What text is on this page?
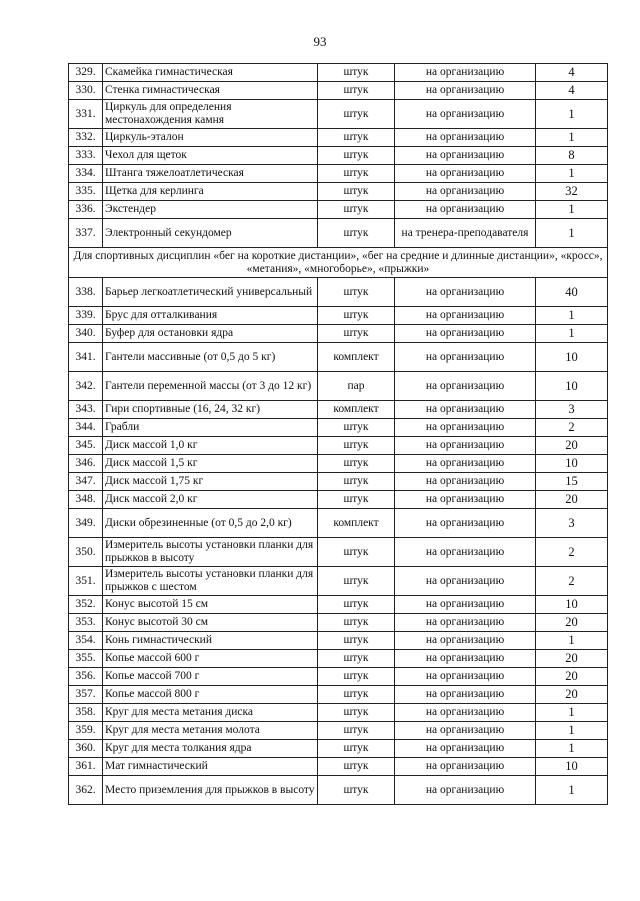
93
329.	Скамейка гимнастическая	штук	на организацию	4
330.	Стенка гимнастическая	штук	на организацию	4
331.	Циркуль для определения местонахождения камня	штук	на организацию	1
332.	Циркуль-эталон	штук	на организацию	1
333.	Чехол для щеток	штук	на организацию	8
334.	Штанга тяжелоатлетическая	штук	на организацию	1
335.	Щетка для керлинга	штук	на организацию	32
336.	Экстендер	штук	на организацию	1
337.	Электронный секундомер	штук	на тренера-преподавателя	1
Для спортивных дисциплин «бег на короткие дистанции», «бег на средние и длинные дистанции», «кросс», «метания», «многоборье», «прыжки»				
338.	Барьер легкоатлетический универсальный	штук	на организацию	40
339.	Брус для отталкивания	штук	на организацию	1
340.	Буфер для остановки ядра	штук	на организацию	1
341.	Гантели массивные (от 0,5 до 5 кг)	комплект	на организацию	10
342.	Гантели переменной массы (от 3 до 12 кг)	пар	на организацию	10
343.	Гири спортивные (16, 24, 32 кг)	комплект	на организацию	3
344.	Грабли	штук	на организацию	2
345.	Диск массой 1,0 кг	штук	на организацию	20
346.	Диск массой 1,5 кг	штук	на организацию	10
347.	Диск массой 1,75 кг	штук	на организацию	15
348.	Диск массой 2,0 кг	штук	на организацию	20
349.	Диски обрезиненные (от 0,5 до 2,0 кг)	комплект	на организацию	3
350.	Измеритель высоты установки планки для прыжков в высоту	штук	на организацию	2
351.	Измеритель высоты установки планки для прыжков с шестом	штук	на организацию	2
352.	Конус высотой 15 см	штук	на организацию	10
353.	Конус высотой 30 см	штук	на организацию	20
354.	Конь гимнастический	штук	на организацию	1
355.	Копье массой 600 г	штук	на организацию	20
356.	Копье массой 700 г	штук	на организацию	20
357.	Копье массой 800 г	штук	на организацию	20
358.	Круг для места метания диска	штук	на организацию	1
359.	Круг для места метания молота	штук	на организацию	1
360.	Круг для места толкания ядра	штук	на организацию	1
361.	Мат гимнастический	штук	на организацию	10
362.	Место приземления для прыжков в высоту	штук	на организацию	1
